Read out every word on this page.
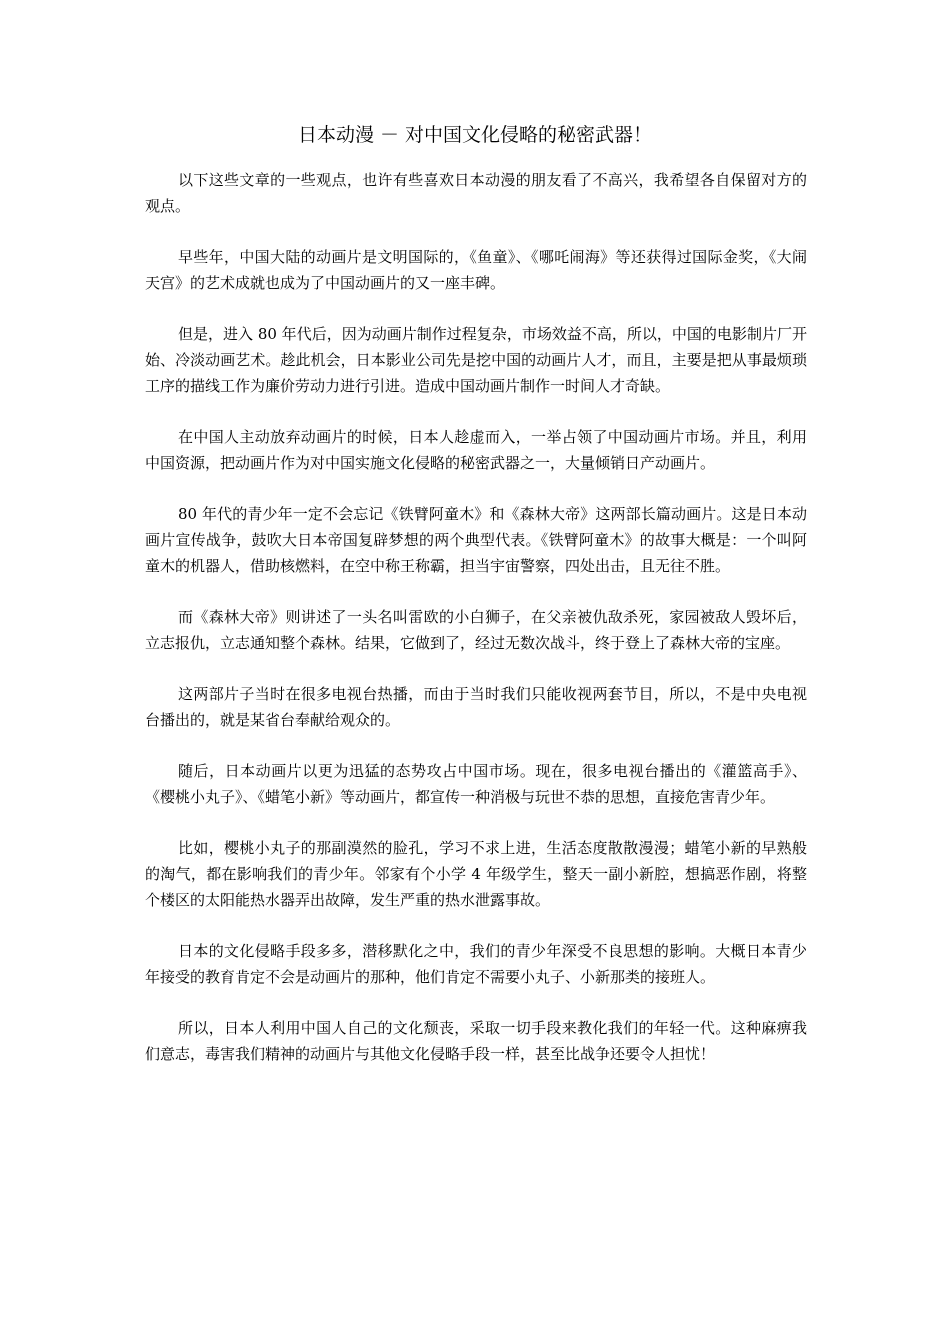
日本动漫 － 对中国文化侵略的秘密武器！

以下这些文章的一些观点，也许有些喜欢日本动漫的朋友看了不高兴，我希望各自保留对方的观点。

早些年，中国大陆的动画片是文明国际的，《鱼童》、《哪吒闹海》等还获得过国际金奖，《大闹天宫》的艺术成就也成为了中国动画片的又一座丰碑。

但是，进入 80 年代后，因为动画片制作过程复杂，市场效益不高，所以，中国的电影制片厂开始、冷淡动画艺术。趁此机会，日本影业公司先是挖中国的动画片人才，而且，主要是把从事最烦琐工序的描线工作为廉价劳动力进行引进。造成中国动画片制作一时间人才奇缺。

在中国人主动放弃动画片的时候，日本人趁虚而入，一举占领了中国动画片市场。并且，利用中国资源，把动画片作为对中国实施文化侵略的秘密武器之一，大量倾销日产动画片。

80 年代的青少年一定不会忘记《铁臂阿童木》和《森林大帝》这两部长篇动画片。这是日本动画片宣传战争，鼓吹大日本帝国复辟梦想的两个典型代表。《铁臂阿童木》的故事大概是：一个叫阿童木的机器人，借助核燃料，在空中称王称霸，担当宇宙警察，四处出击，且无往不胜。

而《森林大帝》则讲述了一头名叫雷欧的小白狮子，在父亲被仇敌杀死，家园被敌人毁坏后，立志报仇，立志通知整个森林。结果，它做到了，经过无数次战斗，终于登上了森林大帝的宝座。

这两部片子当时在很多电视台热播，而由于当时我们只能收视两套节目，所以，不是中央电视台播出的，就是某省台奉献给观众的。

随后，日本动画片以更为迅猛的态势攻占中国市场。现在，很多电视台播出的《灌篮高手》、《樱桃小丸子》、《蜡笔小新》等动画片，都宣传一种消极与玩世不恭的思想，直接危害青少年。

比如，樱桃小丸子的那副漠然的脸孔，学习不求上进，生活态度散散漫漫；蜡笔小新的早熟般的淘气，都在影响我们的青少年。邻家有个小学 4 年级学生，整天一副小新腔，想搞恶作剧，将整个楼区的太阳能热水器弄出故障，发生严重的热水泄露事故。

日本的文化侵略手段多多，潜移默化之中，我们的青少年深受不良思想的影响。大概日本青少年接受的教育肯定不会是动画片的那种，他们肯定不需要小丸子、小新那类的接班人。

所以，日本人利用中国人自己的文化颓丧，采取一切手段来教化我们的年轻一代。这种麻痹我们意志，毒害我们精神的动画片与其他文化侵略手段一样，甚至比战争还要令人担忧！
